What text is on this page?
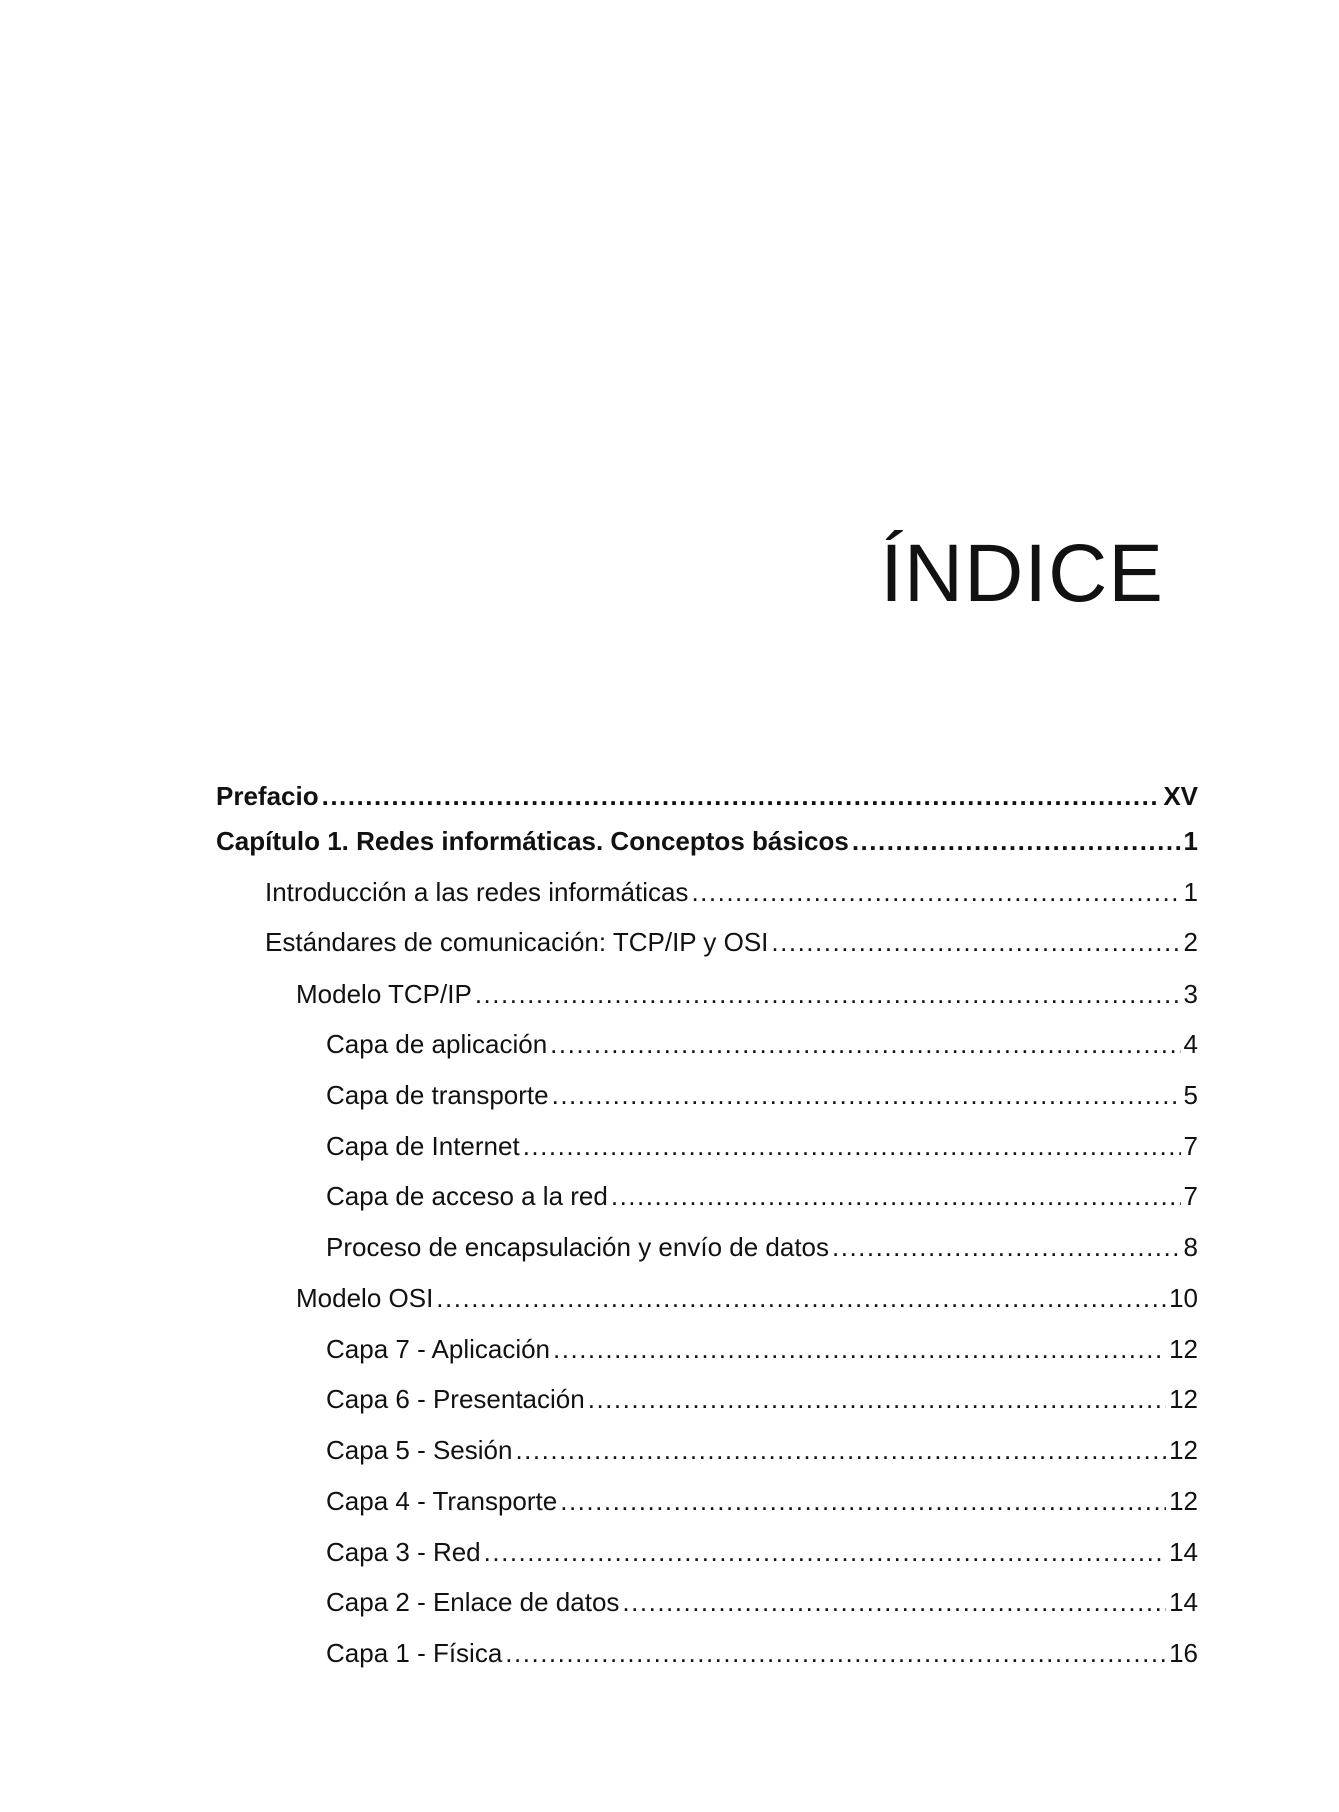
ÍNDICE
Prefacio .....	XV
Capítulo 1. Redes informáticas. Conceptos básicos .....	1
Introducción a las redes informáticas .....	1
Estándares de comunicación: TCP/IP y OSI .....	2
Modelo TCP/IP .....	3
Capa de aplicación .....	4
Capa de transporte .....	5
Capa de Internet .....	7
Capa de acceso a la red .....	7
Proceso de encapsulación y envío de datos .....	8
Modelo OSI .....	10
Capa 7 - Aplicación .....	12
Capa 6 - Presentación .....	12
Capa 5 - Sesión .....	12
Capa 4 - Transporte .....	12
Capa 3 - Red .....	14
Capa 2 - Enlace de datos .....	14
Capa 1 - Física .....	16
